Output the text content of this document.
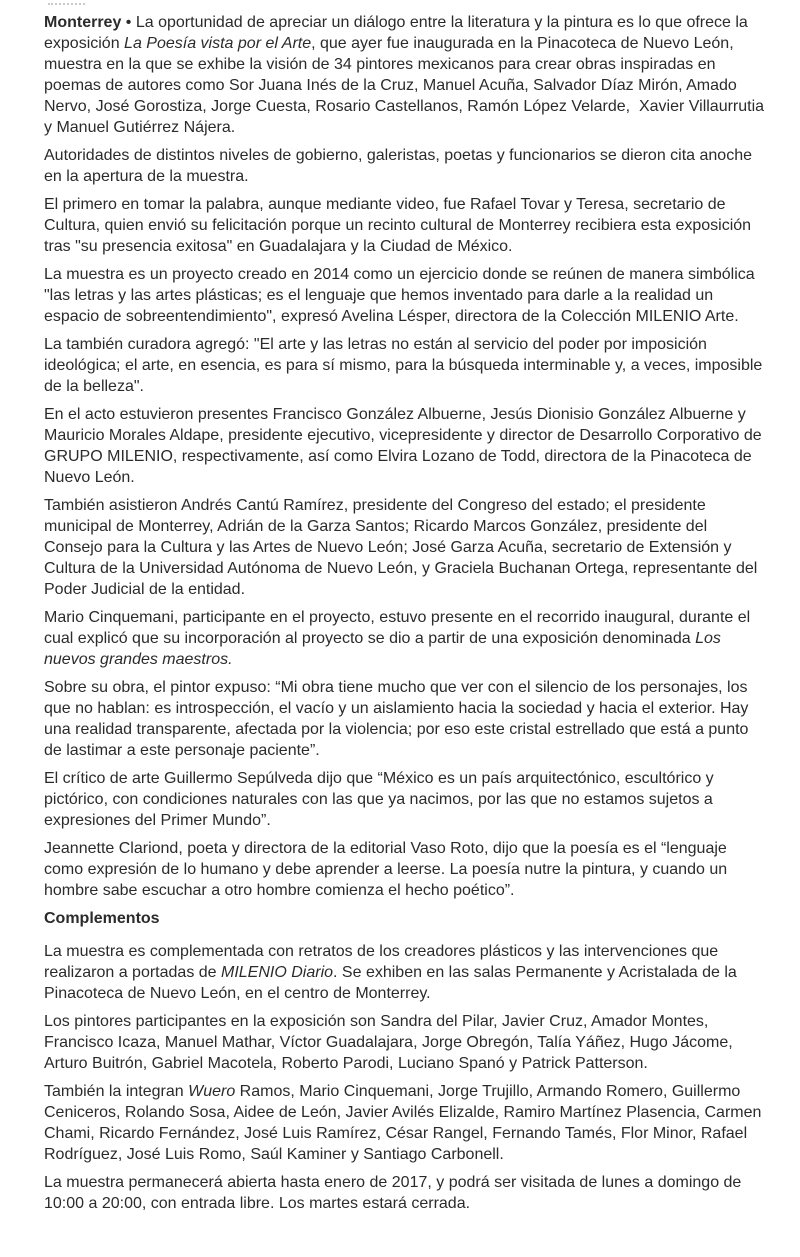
Monterrey • La oportunidad de apreciar un diálogo entre la literatura y la pintura es lo que ofrece la exposición La Poesía vista por el Arte, que ayer fue inaugurada en la Pinacoteca de Nuevo León, muestra en la que se exhibe la visión de 34 pintores mexicanos para crear obras inspiradas en poemas de autores como Sor Juana Inés de la Cruz, Manuel Acuña, Salvador Díaz Mirón, Amado Nervo, José Gorostiza, Jorge Cuesta, Rosario Castellanos, Ramón López Velarde,  Xavier Villaurrutia y Manuel Gutiérrez Nájera.

Autoridades de distintos niveles de gobierno, galeristas, poetas y funcionarios se dieron cita anoche en la apertura de la muestra.

El primero en tomar la palabra, aunque mediante video, fue Rafael Tovar y Teresa, secretario de Cultura, quien envió su felicitación porque un recinto cultural de Monterrey recibiera esta exposición tras "su presencia exitosa" en Guadalajara y la Ciudad de México.

La muestra es un proyecto creado en 2014 como un ejercicio donde se reúnen de manera simbólica "las letras y las artes plásticas; es el lenguaje que hemos inventado para darle a la realidad un espacio de sobreentendimiento", expresó Avelina Lésper, directora de la Colección MILENIO Arte.

La también curadora agregó: "El arte y las letras no están al servicio del poder por imposición ideológica; el arte, en esencia, es para sí mismo, para la búsqueda interminable y, a veces, imposible de la belleza".

En el acto estuvieron presentes Francisco González Albuerne, Jesús Dionisio González Albuerne y Mauricio Morales Aldape, presidente ejecutivo, vicepresidente y director de Desarrollo Corporativo de GRUPO MILENIO, respectivamente, así como Elvira Lozano de Todd, directora de la Pinacoteca de Nuevo León.

También asistieron Andrés Cantú Ramírez, presidente del Congreso del estado; el presidente municipal de Monterrey, Adrián de la Garza Santos; Ricardo Marcos González, presidente del Consejo para la Cultura y las Artes de Nuevo León; José Garza Acuña, secretario de Extensión y Cultura de la Universidad Autónoma de Nuevo León, y Graciela Buchanan Ortega, representante del Poder Judicial de la entidad.

Mario Cinquemani, participante en el proyecto, estuvo presente en el recorrido inaugural, durante el cual explicó que su incorporación al proyecto se dio a partir de una exposición denominada Los nuevos grandes maestros.

Sobre su obra, el pintor expuso: “Mi obra tiene mucho que ver con el silencio de los personajes, los que no hablan: es introspección, el vacío y un aislamiento hacia la sociedad y hacia el exterior. Hay una realidad transparente, afectada por la violencia; por eso este cristal estrellado que está a punto de lastimar a este personaje paciente”.

El crítico de arte Guillermo Sepúlveda dijo que “México es un país arquitectónico, escultórico y pictórico, con condiciones naturales con las que ya nacimos, por las que no estamos sujetos a expresiones del Primer Mundo”.

Jeannette Clariond, poeta y directora de la editorial Vaso Roto, dijo que la poesía es el “lenguaje como expresión de lo humano y debe aprender a leerse. La poesía nutre la pintura, y cuando un hombre sabe escuchar a otro hombre comienza el hecho poético”.

Complementos

La muestra es complementada con retratos de los creadores plásticos y las intervenciones que realizaron a portadas de MILENIO Diario. Se exhiben en las salas Permanente y Acristalada de la Pinacoteca de Nuevo León, en el centro de Monterrey.

Los pintores participantes en la exposición son Sandra del Pilar, Javier Cruz, Amador Montes, Francisco Icaza, Manuel Mathar, Víctor Guadalajara, Jorge Obregón, Talía Yáñez, Hugo Jácome, Arturo Buitrón, Gabriel Macotela, Roberto Parodi, Luciano Spanó y Patrick Patterson.

También la integran Wuero Ramos, Mario Cinquemani, Jorge Trujillo, Armando Romero, Guillermo Ceniceros, Rolando Sosa, Aidee de León, Javier Avilés Elizalde, Ramiro Martínez Plasencia, Carmen Chami, Ricardo Fernández, José Luis Ramírez, César Rangel, Fernando Tamés, Flor Minor, Rafael Rodríguez, José Luis Romo, Saúl Kaminer y Santiago Carbonell.

La muestra permanecerá abierta hasta enero de 2017, y podrá ser visitada de lunes a domingo de 10:00 a 20:00, con entrada libre. Los martes estará cerrada.
